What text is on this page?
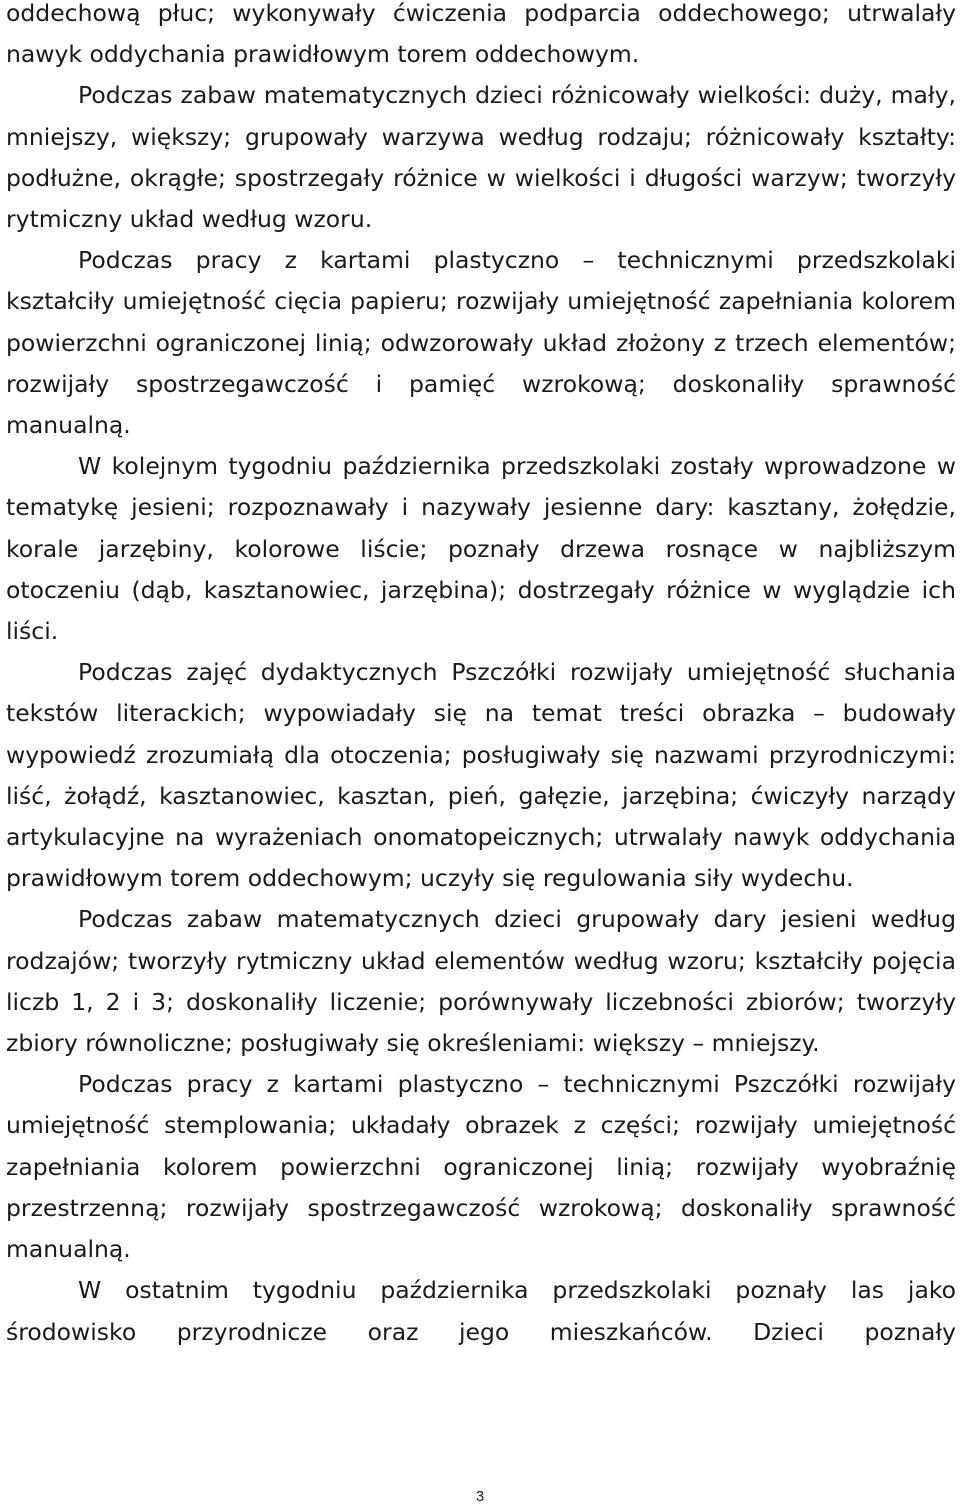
oddechową płuc; wykonywały ćwiczenia podparcia oddechowego; utrwalały nawyk oddychania prawidłowym torem oddechowym.

Podczas zabaw matematycznych dzieci różnicowały wielkości: duży, mały, mniejszy, większy; grupowały warzywa według rodzaju; różnicowały kształty: podłużne, okrągłe; spostrzegały różnice w wielkości i długości warzyw; tworzyły rytmiczny układ według wzoru.

Podczas pracy z kartami plastyczno – technicznymi przedszkolaki kształciły umiejętność cięcia papieru; rozwijały umiejętność zapełniania kolorem powierzchni ograniczonej linią; odwzorowały układ złożony z trzech elementów; rozwijały spostrzegawczość i pamięć wzrokową; doskonaliły sprawność manualną.

W kolejnym tygodniu października przedszkolaki zostały wprowadzone w tematykę jesieni; rozpoznawały i nazywały jesienne dary: kasztany, żołędzie, korale jarzębiny, kolorowe liście; poznały drzewa rosnące w najbliższym otoczeniu (dąb, kasztanowiec, jarzębina); dostrzegały różnice w wyglądzie ich liści.

Podczas zajęć dydaktycznych Pszczółki rozwijały umiejętność słuchania tekstów literackich; wypowiadały się na temat treści obrazka – budowały wypowiedź zrozumiałą dla otoczenia; posługiwały się nazwami przyrodniczymi: liść, żołądź, kasztanowiec, kasztan, pień, gałęzie, jarzębina; ćwiczyły narządy artykulacyjne na wyrażeniach onomatopeicznych; utrwalały nawyk oddychania prawidłowym torem oddechowym; uczyły się regulowania siły wydechu.

Podczas zabaw matematycznych dzieci grupowały dary jesieni według rodzajów; tworzyły rytmiczny układ elementów według wzoru; kształciły pojęcia liczb 1, 2 i 3; doskonaliły liczenie; porównywały liczebności zbiorów; tworzyły zbiory równoliczne; posługiwały się określeniami: większy – mniejszy.

Podczas pracy z kartami plastyczno – technicznymi Pszczółki rozwijały umiejętność stemplowania; układały obrazek z części; rozwijały umiejętność zapełniania kolorem powierzchni ograniczonej linią; rozwijały wyobraźnię przestrzenną; rozwijały spostrzegawczość wzrokową; doskonaliły sprawność manualną.

W ostatnim tygodniu października przedszkolaki poznały las jako środowisko przyrodnicze oraz jego mieszkańców. Dzieci poznały

3
